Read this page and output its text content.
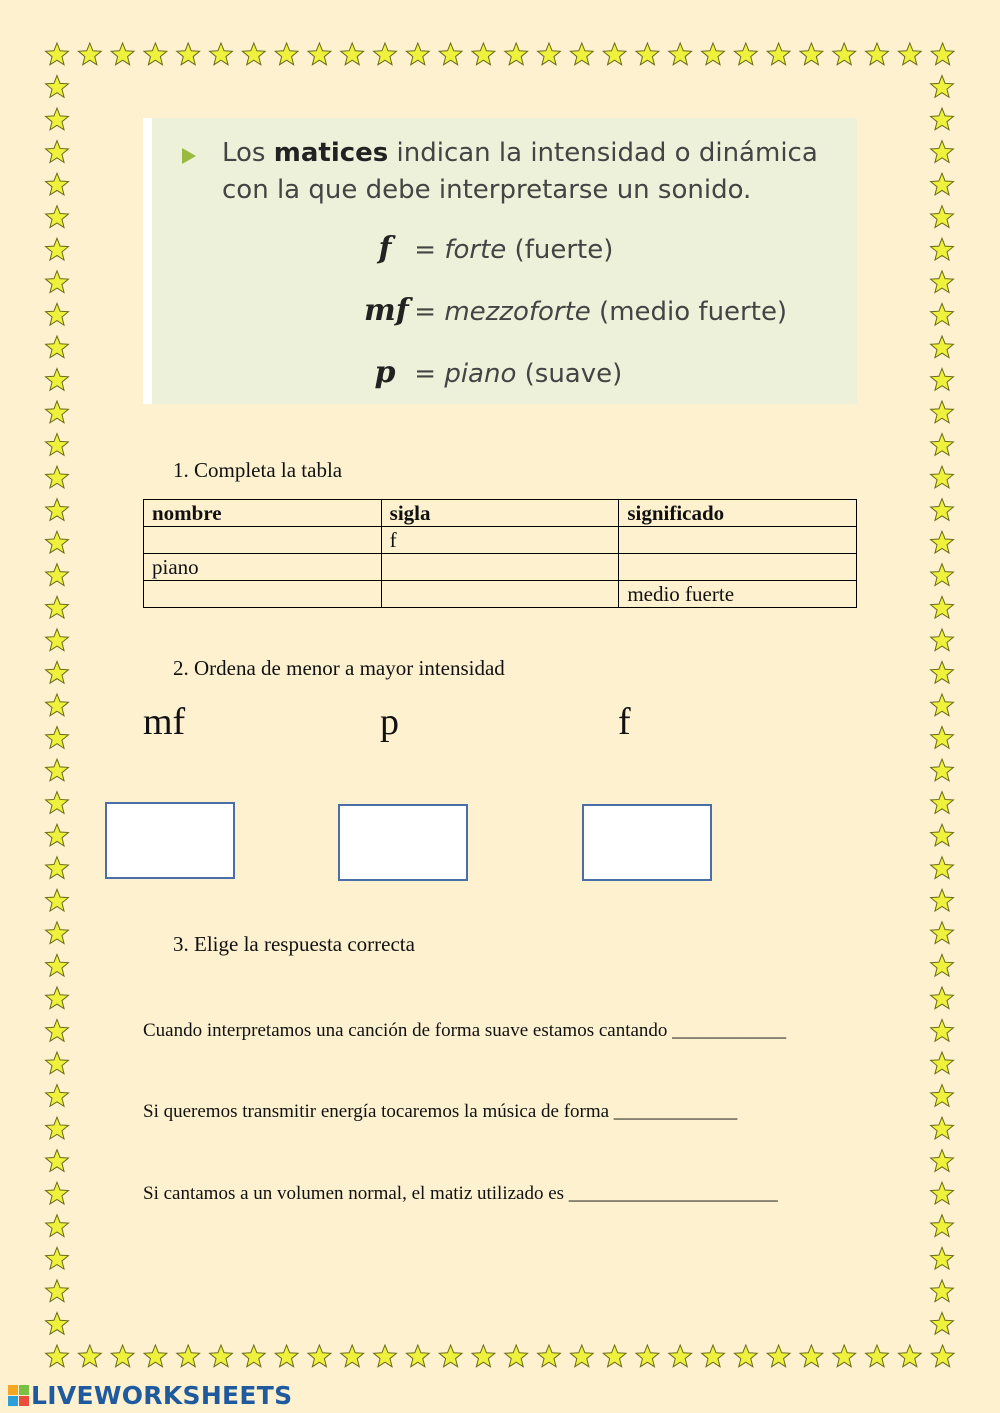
Los matices indican la intensidad o dinámica
con la que debe interpretarse un sonido.
f = forte (fuerte)
mf = mezzoforte (medio fuerte)
p = piano (suave)
1. Completa la tabla
nombre	sigla	significado
	f	
piano		
		medio fuerte
2. Ordena de menor a mayor intensidad
mf	p	f
3. Elige la respuesta correcta
Cuando interpretamos una canción de forma suave estamos cantando ____________
Si queremos transmitir energía tocaremos la música de forma _____________
Si cantamos a un volumen normal, el matiz utilizado es ______________________
LIVEWORKSHEETS
